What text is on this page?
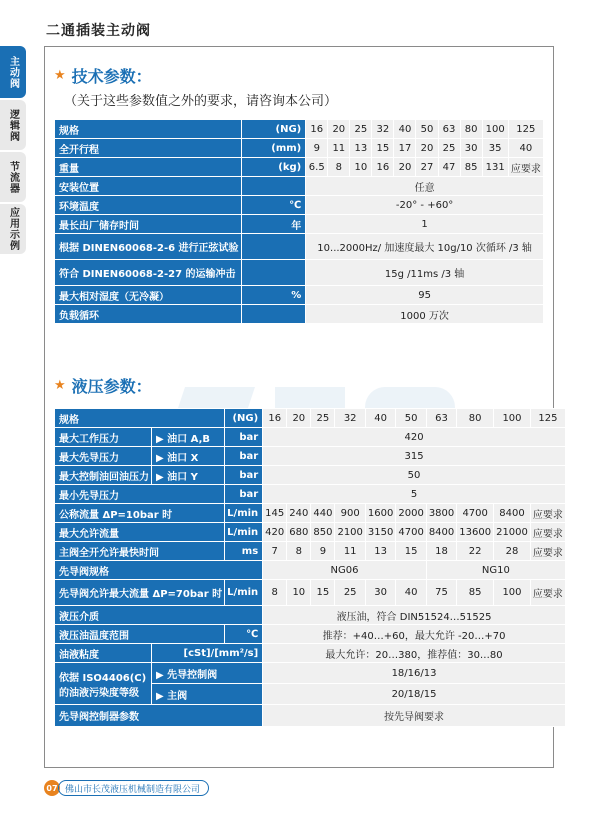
二通插装主动阀
主动阀
逻辑阀
节流器
应用示例
★ 技术参数：
（关于这些参数值之外的要求，请咨询本公司）
规格	(NG)	16	20	25	32	40	50	63	80	100	125
全开行程	(mm)	9	11	13	15	17	20	25	30	35	40
重量	(kg)	6.5	8	10	16	20	27	47	85	131	应要求
安装位置		任意									
环境温度	℃	-20° - +60°									
最长出厂储存时间	年	1									
根据 DINEN60068-2-6 进行正弦试验		10...2000Hz/ 加速度最大 10g/10 次循环 /3 轴									
符合 DINEN60068-2-27 的运输冲击		15g /11ms /3 轴									
最大相对湿度（无冷凝）	%	95									
负载循环		1000 万次									
★ 液压参数：
规格		(NG)	16	20	25	32	40	50	63	80	100	125
最大工作压力	▶ 油口 A,B	bar	420									
最大先导压力	▶ 油口 X	bar	315									
最大控制油回油压力	▶ 油口 Y	bar	50									
最小先导压力		bar	5									
公称流量 ΔP=10bar 时		L/min	145	240	440	900	1600	2000	3800	4700	8400	应要求
最大允许流量		L/min	420	680	850	2100	3150	4700	8400	13600	21000	应要求
主阀全开允许最快时间		ms	7	8	9	11	13	15	18	22	28	应要求
先导阀规格			NG06						NG10			
先导阀允许最大流量 ΔP=70bar 时		L/min	8	10	15	25	30	40	75	85	100	应要求
液压介质			液压油，符合 DIN51524…51525									
液压油温度范围		℃	推荐：+40…+60，最大允许 -20…+70									
油液粘度	[cSt]/[mm²/s]		最大允许：20…380，推荐值：30…80									

依据 ISO4406(C)
的油液污染度等级	▶ 先导控制阀		18/16/13									
	▶ 主阀		20/18/15									
先导阀控制器参数			按先导阀要求									
07 佛山市长茂液压机械制造有限公司
